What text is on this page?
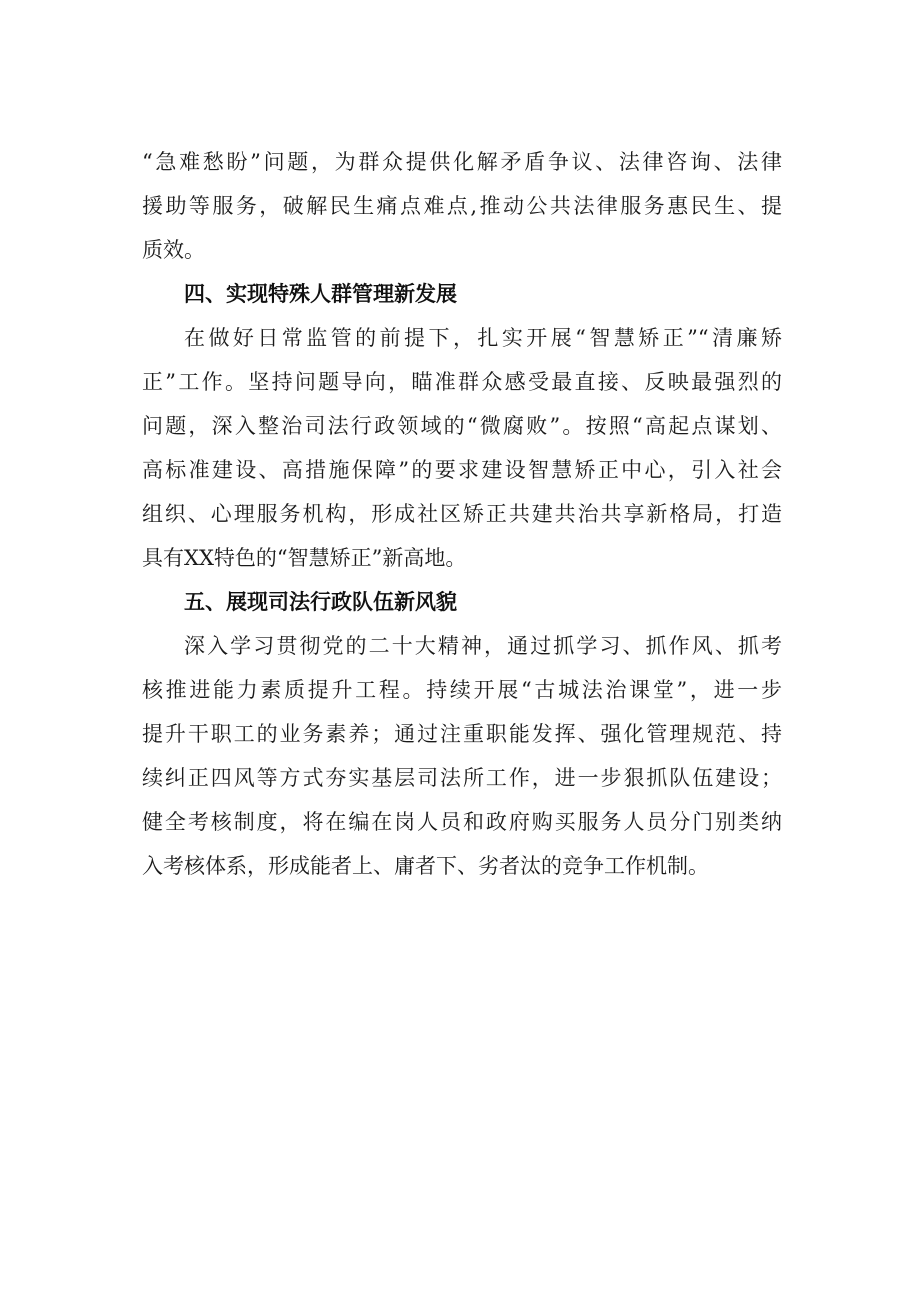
“急难愁盼”问题，为群众提供化解矛盾争议、法律咨询、法律
援助等服务，破解民生痛点难点,推动公共法律服务惠民生、提
质效。
四、实现特殊人群管理新发展
在做好日常监管的前提下，扎实开展“智慧矫正”“清廉矫
正”工作。坚持问题导向，瞄准群众感受最直接、反映最强烈的
问题，深入整治司法行政领域的“微腐败”。按照“高起点谋划、
高标准建设、高措施保障”的要求建设智慧矫正中心，引入社会
组织、心理服务机构，形成社区矫正共建共治共享新格局，打造
具有XX特色的“智慧矫正”新高地。
五、展现司法行政队伍新风貌
深入学习贯彻党的二十大精神，通过抓学习、抓作风、抓考
核推进能力素质提升工程。持续开展“古城法治课堂”，进一步
提升干职工的业务素养；通过注重职能发挥、强化管理规范、持
续纠正四风等方式夯实基层司法所工作，进一步狠抓队伍建设；
健全考核制度，将在编在岗人员和政府购买服务人员分门别类纳
入考核体系，形成能者上、庸者下、劣者汰的竞争工作机制。
